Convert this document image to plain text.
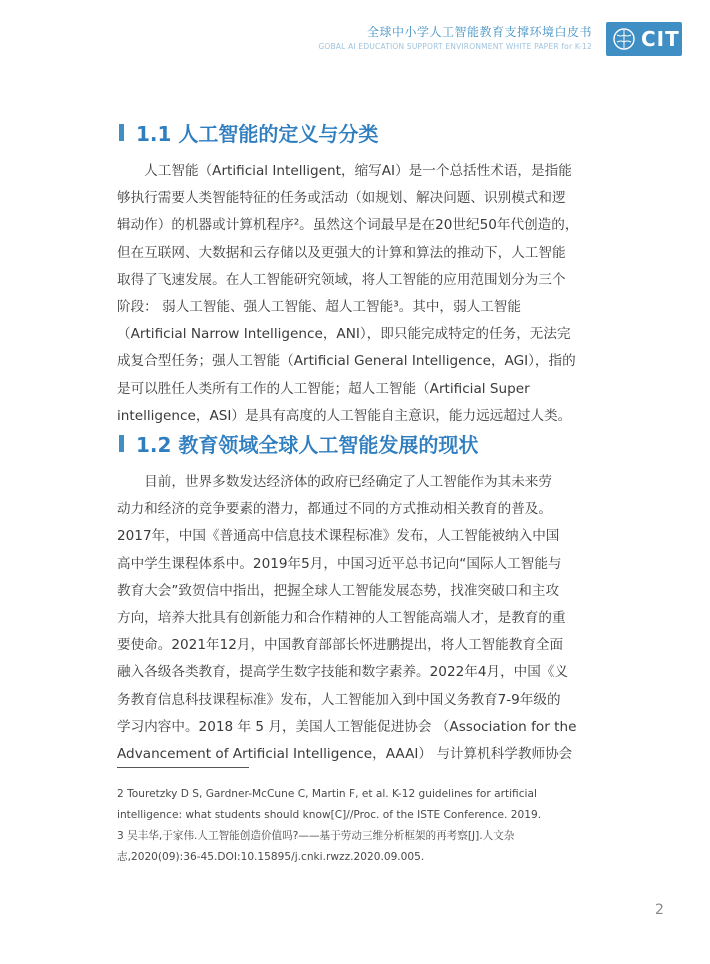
全球中小学人工智能教育支撑环境白皮书
GOBAL AI EDUCATION SUPPORT ENVIRONMENT WHITE PAPER for K-12 CIT
1.1 人工智能的定义与分类
　　人工智能（Artificial Intelligent，缩写AI）是一个总括性术语，是指能
够执行需要人类智能特征的任务或活动（如规划、解决问题、识别模式和逻
辑动作）的机器或计算机程序²。虽然这个词最早是在20世纪50年代创造的，
但在互联网、大数据和云存储以及更强大的计算和算法的推动下，人工智能
取得了飞速发展。在人工智能研究领域，将人工智能的应用范围划分为三个
阶段： 弱人工智能、强人工智能、超人工智能³。其中，弱人工智能
（Artificial Narrow Intelligence，ANI），即只能完成特定的任务，无法完
成复合型任务；强人工智能（Artificial General Intelligence，AGI），指的
是可以胜任人类所有工作的人工智能；超人工智能（Artificial Super
intelligence，ASI）是具有高度的人工智能自主意识，能力远远超过人类。
1.2 教育领域全球人工智能发展的现状
　　目前，世界多数发达经济体的政府已经确定了人工智能作为其未来劳
动力和经济的竞争要素的潜力，都通过不同的方式推动相关教育的普及。
2017年，中国《普通高中信息技术课程标准》发布，人工智能被纳入中国
高中学生课程体系中。2019年5月，中国习近平总书记向“国际人工智能与
教育大会”致贺信中指出，把握全球人工智能发展态势，找准突破口和主攻
方向，培养大批具有创新能力和合作精神的人工智能高端人才，是教育的重
要使命。2021年12月，中国教育部部长怀进鹏提出，将人工智能教育全面
融入各级各类教育，提高学生数字技能和数字素养。2022年4月，中国《义
务教育信息科技课程标准》发布，人工智能加入到中国义务教育7-9年级的
学习内容中。2018 年 5 月，美国人工智能促进协会 （Association for the
Advancement of Artificial Intelligence，AAAI） 与计算机科学教师协会
2 Touretzky D S, Gardner-McCune C, Martin F, et al. K-12 guidelines for artificial
intelligence: what students should know[C]//Proc. of the ISTE Conference. 2019.
3 吴丰华,于家伟.人工智能创造价值吗?——基于劳动三维分析框架的再考察[J].人文杂
志,2020(09):36-45.DOI:10.15895/j.cnki.rwzz.2020.09.005.
2
